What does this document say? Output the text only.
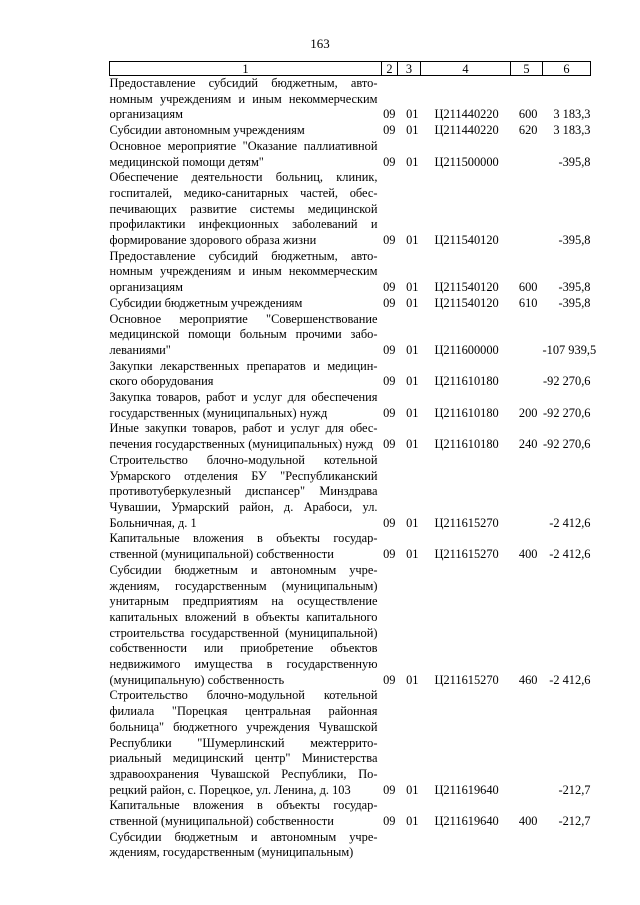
163
1	2	3	4	5	6
Предоставление субсидий бюджетным, автономным учреждениям и иным некоммерческим организациям	09	01	Ц211440220	600	3 183,3
Субсидии автономным учреждениям	09	01	Ц211440220	620	3 183,3
Основное мероприятие "Оказание паллиативной медицинской помощи детям"	09	01	Ц211500000		-395,8
Обеспечение деятельности больниц, клиник, госпиталей, медико-санитарных частей, обеспечивающих развитие системы медицинской профилактики инфекционных заболеваний и формирование здорового образа жизни	09	01	Ц211540120		-395,8
Предоставление субсидий бюджетным, автономным учреждениям и иным некоммерческим организациям	09	01	Ц211540120	600	-395,8
Субсидии бюджетным учреждениям	09	01	Ц211540120	610	-395,8
Основное мероприятие "Совершенствование медицинской помощи больным прочими заболеваниями"	09	01	Ц211600000		-107 939,5
Закупки лекарственных препаратов и медицинского оборудования	09	01	Ц211610180		-92 270,6
Закупка товаров, работ и услуг для обеспечения государственных (муниципальных) нужд	09	01	Ц211610180	200	-92 270,6
Иные закупки товаров, работ и услуг для обеспечения государственных (муниципальных) нужд	09	01	Ц211610180	240	-92 270,6
Строительство блочно-модульной котельной Урмарского отделения БУ "Республиканский противотуберкулезный диспансер" Минздрава Чувашии, Урмарский район, д. Арабоси, ул. Больничная, д. 1	09	01	Ц211615270		-2 412,6
Капитальные вложения в объекты государственной (муниципальной) собственности	09	01	Ц211615270	400	-2 412,6
Субсидии бюджетным и автономным учреждениям, государственным (муниципальным) унитарным предприятиям на осуществление капитальных вложений в объекты капитального строительства государственной (муниципальной) собственности или приобретение объектов недвижимого имущества в государственную (муниципальную) собственность	09	01	Ц211615270	460	-2 412,6
Строительство блочно-модульной котельной филиала "Порецкая центральная районная больница" бюджетного учреждения Чувашской Республики "Шумерлинский межтерриториальный медицинский центр" Министерства здравоохранения Чувашской Республики, Порецкий район, с. Порецкое, ул. Ленина, д. 103	09	01	Ц211619640		-212,7
Капитальные вложения в объекты государственной (муниципальной) собственности	09	01	Ц211619640	400	-212,7
Субсидии бюджетным и автономным учреждениям, государственным (муниципальным)					
